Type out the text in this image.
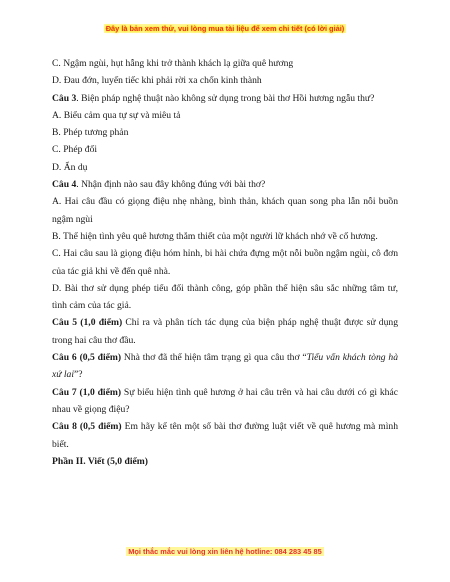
Đây là bản xem thử, vui lòng mua tài liệu để xem chi tiết (có lời giải)

C. Ngậm ngùi, hụt hẫng khi trở thành khách lạ giữa quê hương

D. Đau đớn, luyến tiếc khi phải rời xa chốn kinh thành

Câu 3. Biện pháp nghệ thuật nào không sử dụng trong bài thơ Hồi hương ngẫu thư?

A. Biểu cảm qua tự sự và miêu tả

B. Phép tương phản

C. Phép đối

D. Ẩn dụ

Câu 4. Nhận định nào sau đây không đúng với bài thơ?

A. Hai câu đầu có giọng điệu nhẹ nhàng, bình thản, khách quan song pha lẫn nỗi buồn ngậm ngùi

B. Thể hiện tình yêu quê hương thắm thiết của một người lữ khách nhớ về cố hương.

C. Hai câu sau là giọng điệu hóm hỉnh, bi hài chứa đựng một nỗi buồn ngậm ngùi, cô đơn của tác giả khi về đến quê nhà.

D. Bài thơ sử dụng phép tiểu đối thành công, góp phần thể hiện sâu sắc những tâm tư, tình cảm của tác giả.

Câu 5 (1,0 điểm) Chỉ ra và phân tích tác dụng của biện pháp nghệ thuật được sử dụng trong hai câu thơ đầu.

Câu 6 (0,5 điểm) Nhà thơ đã thể hiện tâm trạng gì qua câu thơ “Tiếu vấn khách tòng hà xứ lai”?

Câu 7 (1,0 điểm) Sự biểu hiện tình quê hương ở hai câu trên và hai câu dưới có gì khác nhau về giọng điệu?

Câu 8 (0,5 điểm) Em hãy kể tên một số bài thơ đường luật viết về quê hương mà mình biết.

Phần II. Viết (5,0 điểm)

Mọi thắc mắc vui lòng xin liên hệ hotline: 084 283 45 85
